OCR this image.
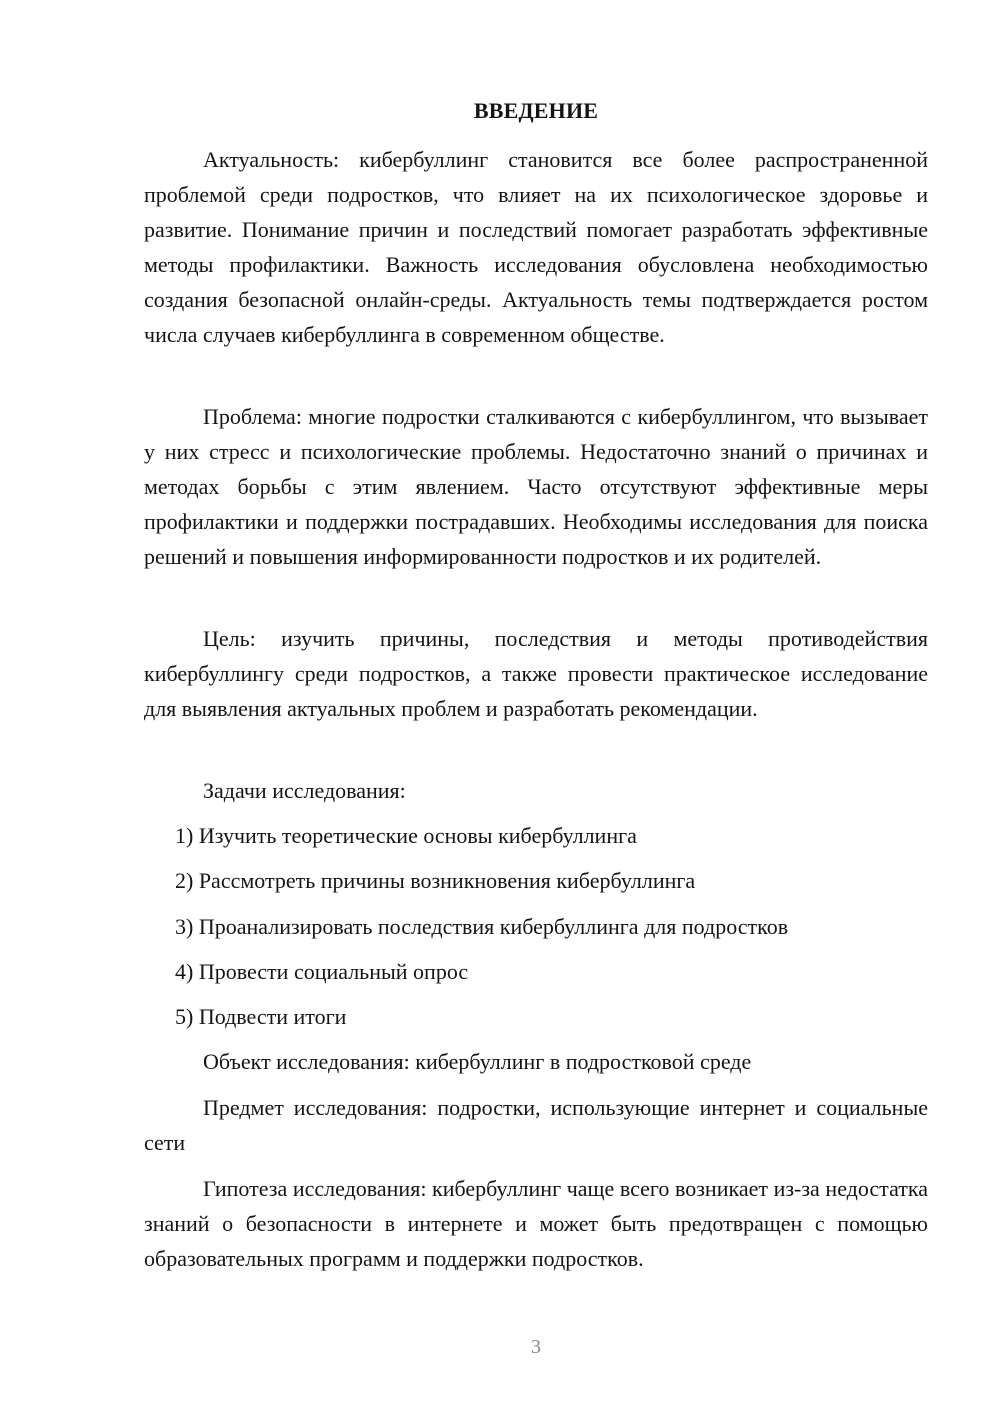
ВВЕДЕНИЕ
Актуальность: кибербуллинг становится все более распространенной проблемой среди подростков, что влияет на их психологическое здоровье и развитие. Понимание причин и последствий помогает разработать эффективные методы профилактики. Важность исследования обусловлена необходимостью создания безопасной онлайн-среды. Актуальность темы подтверждается ростом числа случаев кибербуллинга в современном обществе.
Проблема: многие подростки сталкиваются с кибербуллингом, что вызывает у них стресс и психологические проблемы. Недостаточно знаний о причинах и методах борьбы с этим явлением. Часто отсутствуют эффективные меры профилактики и поддержки пострадавших. Необходимы исследования для поиска решений и повышения информированности подростков и их родителей.
Цель: изучить причины, последствия и методы противодействия кибербуллингу среди подростков, а также провести практическое исследование для выявления актуальных проблем и разработать рекомендации.
Задачи исследования:
1) Изучить теоретические основы кибербуллинга
2) Рассмотреть причины возникновения кибербуллинга
3) Проанализировать последствия кибербуллинга для подростков
4) Провести социальный опрос
5) Подвести итоги
Объект исследования: кибербуллинг в подростковой среде
Предмет исследования: подростки, использующие интернет и социальные сети
Гипотеза исследования: кибербуллинг чаще всего возникает из-за недостатка знаний о безопасности в интернете и может быть предотвращен с помощью образовательных программ и поддержки подростков.
3
